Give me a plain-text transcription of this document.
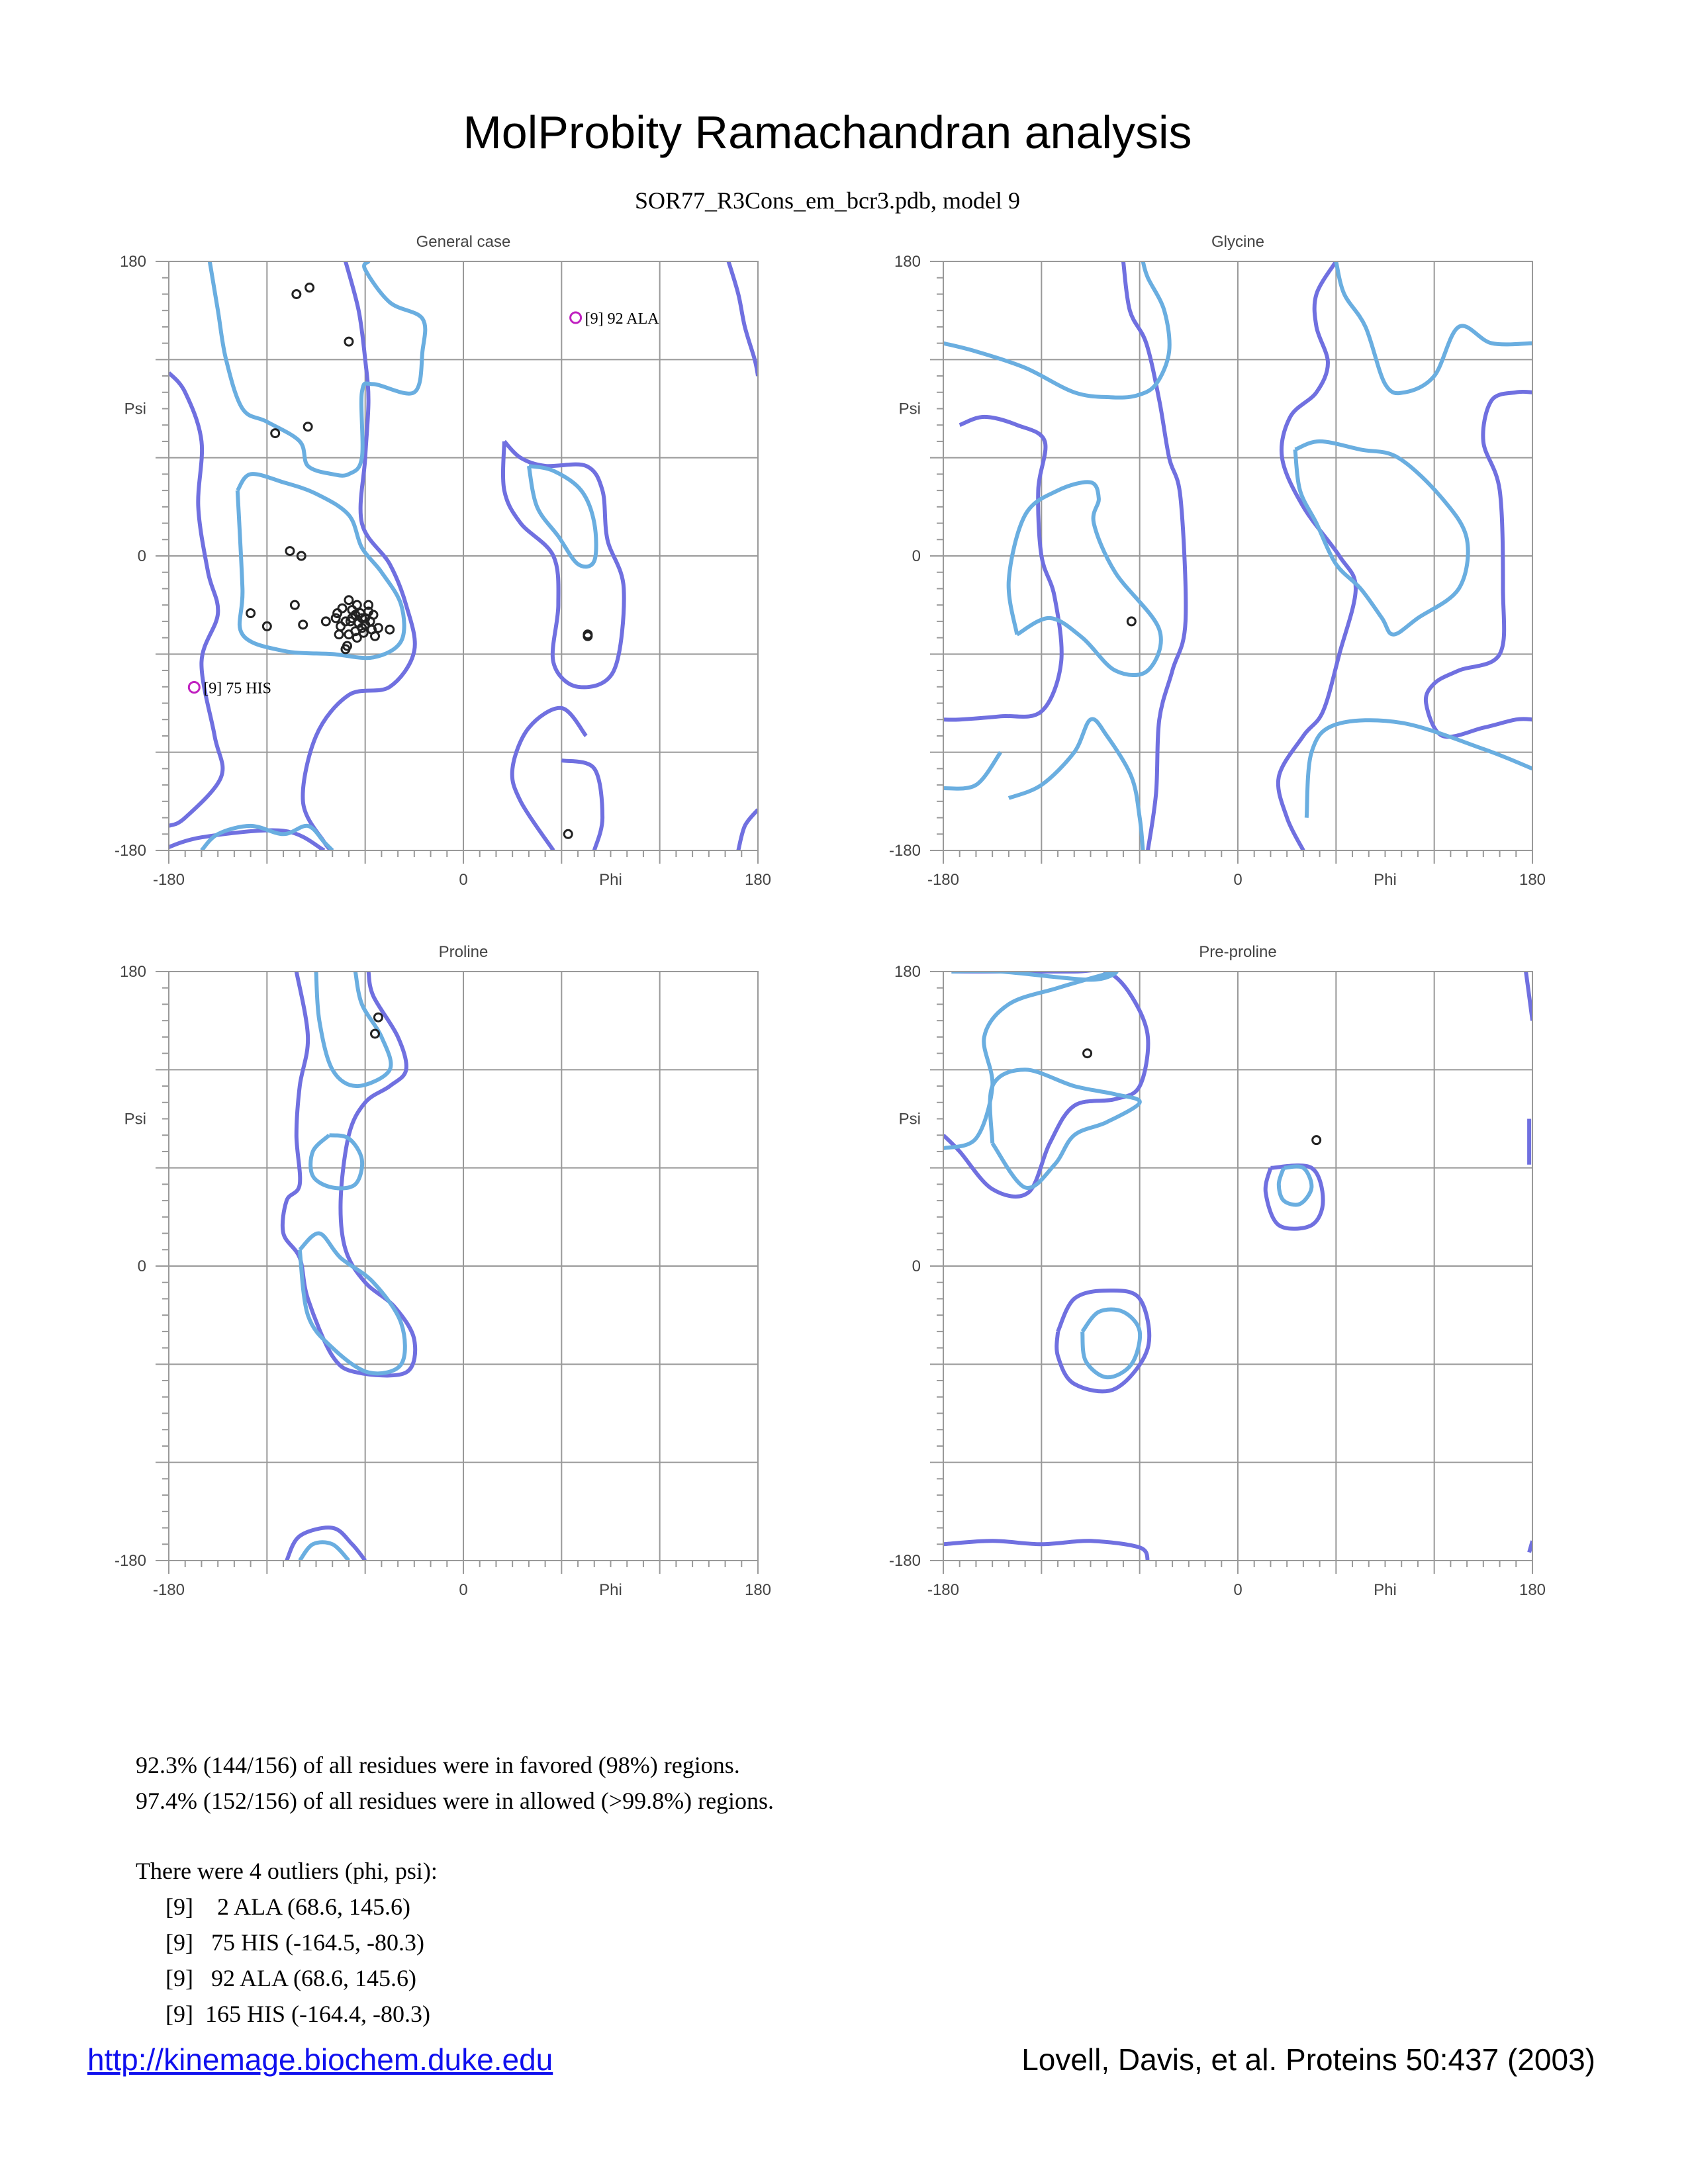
MolProbity Ramachandran analysis
SOR77_R3Cons_em_bcr3.pdb, model 9
General case
-180	0	Phi	180
180
Psi
0
-180
[9] 92 ALA
[9] 75 HIS
Glycine
-180	0	Phi	180
180
Psi
0
-180
Proline
-180	0	Phi	180
180
Psi
0
-180
Pre-proline
-180	0	Phi	180
180
Psi
0
-180

92.3% (144/156) of all residues were in favored (98%) regions.

97.4% (152/156) of all residues were in allowed (>99.8%) regions.

There were 4 outliers (phi, psi):

[9]    2 ALA (68.6, 145.6)

[9]   75 HIS (-164.5, -80.3)

[9]   92 ALA (68.6, 145.6)

[9]  165 HIS (-164.4, -80.3)

http://kinemage.biochem.duke.edu	Lovell, Davis, et al. Proteins 50:437 (2003)
